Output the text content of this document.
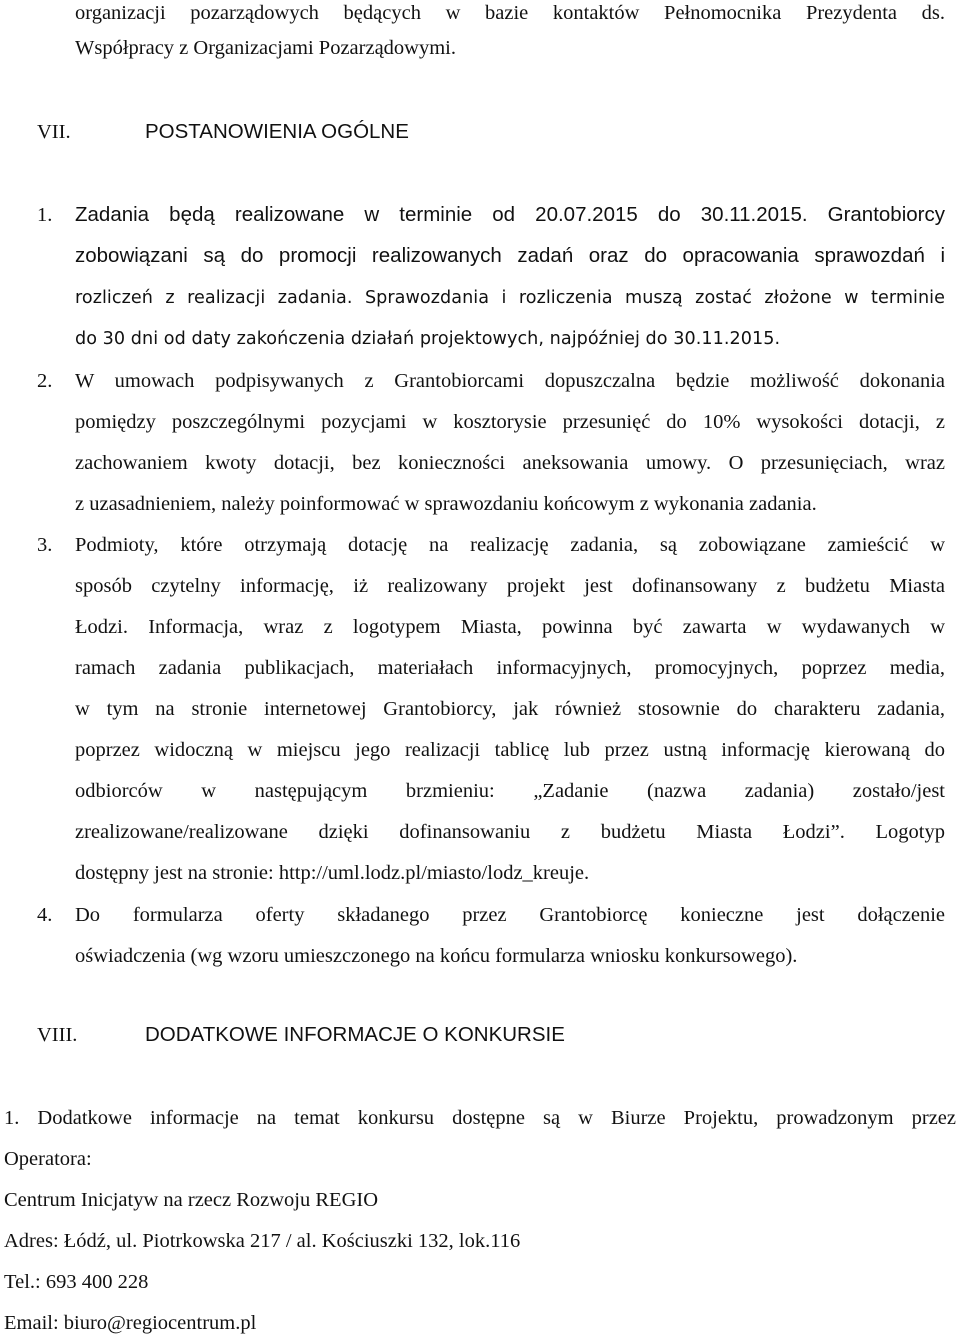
organizacji pozarządowych będących w bazie kontaktów Pełnomocnika Prezydenta ds.

Współpracy z Organizacjami Pozarządowymi.

VII.	POSTANOWIENIA OGÓLNE
1. Zadania będą realizowane w terminie od 20.07.2015 do 30.11.2015. Grantobiorcy

zobowiązani są do promocji realizowanych zadań oraz do opracowania sprawozdań i

rozliczeń z realizacji zadania. Sprawozdania i rozliczenia muszą zostać złożone w terminie

do 30 dni od daty zakończenia działań projektowych, najpóźniej do 30.11.2015.

2. W umowach podpisywanych z Grantobiorcami dopuszczalna będzie możliwość dokonania

pomiędzy poszczególnymi pozycjami w kosztorysie przesunięć do 10% wysokości dotacji, z

zachowaniem kwoty dotacji, bez konieczności aneksowania umowy. O przesunięciach, wraz

z uzasadnieniem, należy poinformować w sprawozdaniu końcowym z wykonania zadania.

3. Podmioty, które otrzymają dotację na realizację zadania, są zobowiązane zamieścić w

sposób czytelny informację, iż realizowany projekt jest dofinansowany z budżetu Miasta

Łodzi. Informacja, wraz z logotypem Miasta, powinna być zawarta w wydawanych w

ramach zadania publikacjach, materiałach informacyjnych, promocyjnych, poprzez media,

w tym na stronie internetowej Grantobiorcy, jak również stosownie do charakteru zadania,

poprzez widoczną w miejscu jego realizacji tablicę lub przez ustną informację kierowaną do

odbiorców w następującym brzmieniu: „Zadanie (nazwa zadania) zostało/jest

zrealizowane/realizowane dzięki dofinansowaniu z budżetu Miasta Łodzi”. Logotyp

dostępny jest na stronie: http://uml.lodz.pl/miasto/lodz_kreuje.

4. Do formularza oferty składanego przez Grantobiorcę konieczne jest dołączenie

oświadczenia (wg wzoru umieszczonego na końcu formularza wniosku konkursowego).

VIII.	DODATKOWE INFORMACJE O KONKURSIE

1. Dodatkowe informacje na temat konkursu dostępne są w Biurze Projektu, prowadzonym przez

Operatora:

Centrum Inicjatyw na rzecz Rozwoju REGIO

Adres: Łódź, ul. Piotrkowska 217 / al. Kościuszki 132, lok.116

Tel.: 693 400 228

Email: biuro@regiocentrum.pl
